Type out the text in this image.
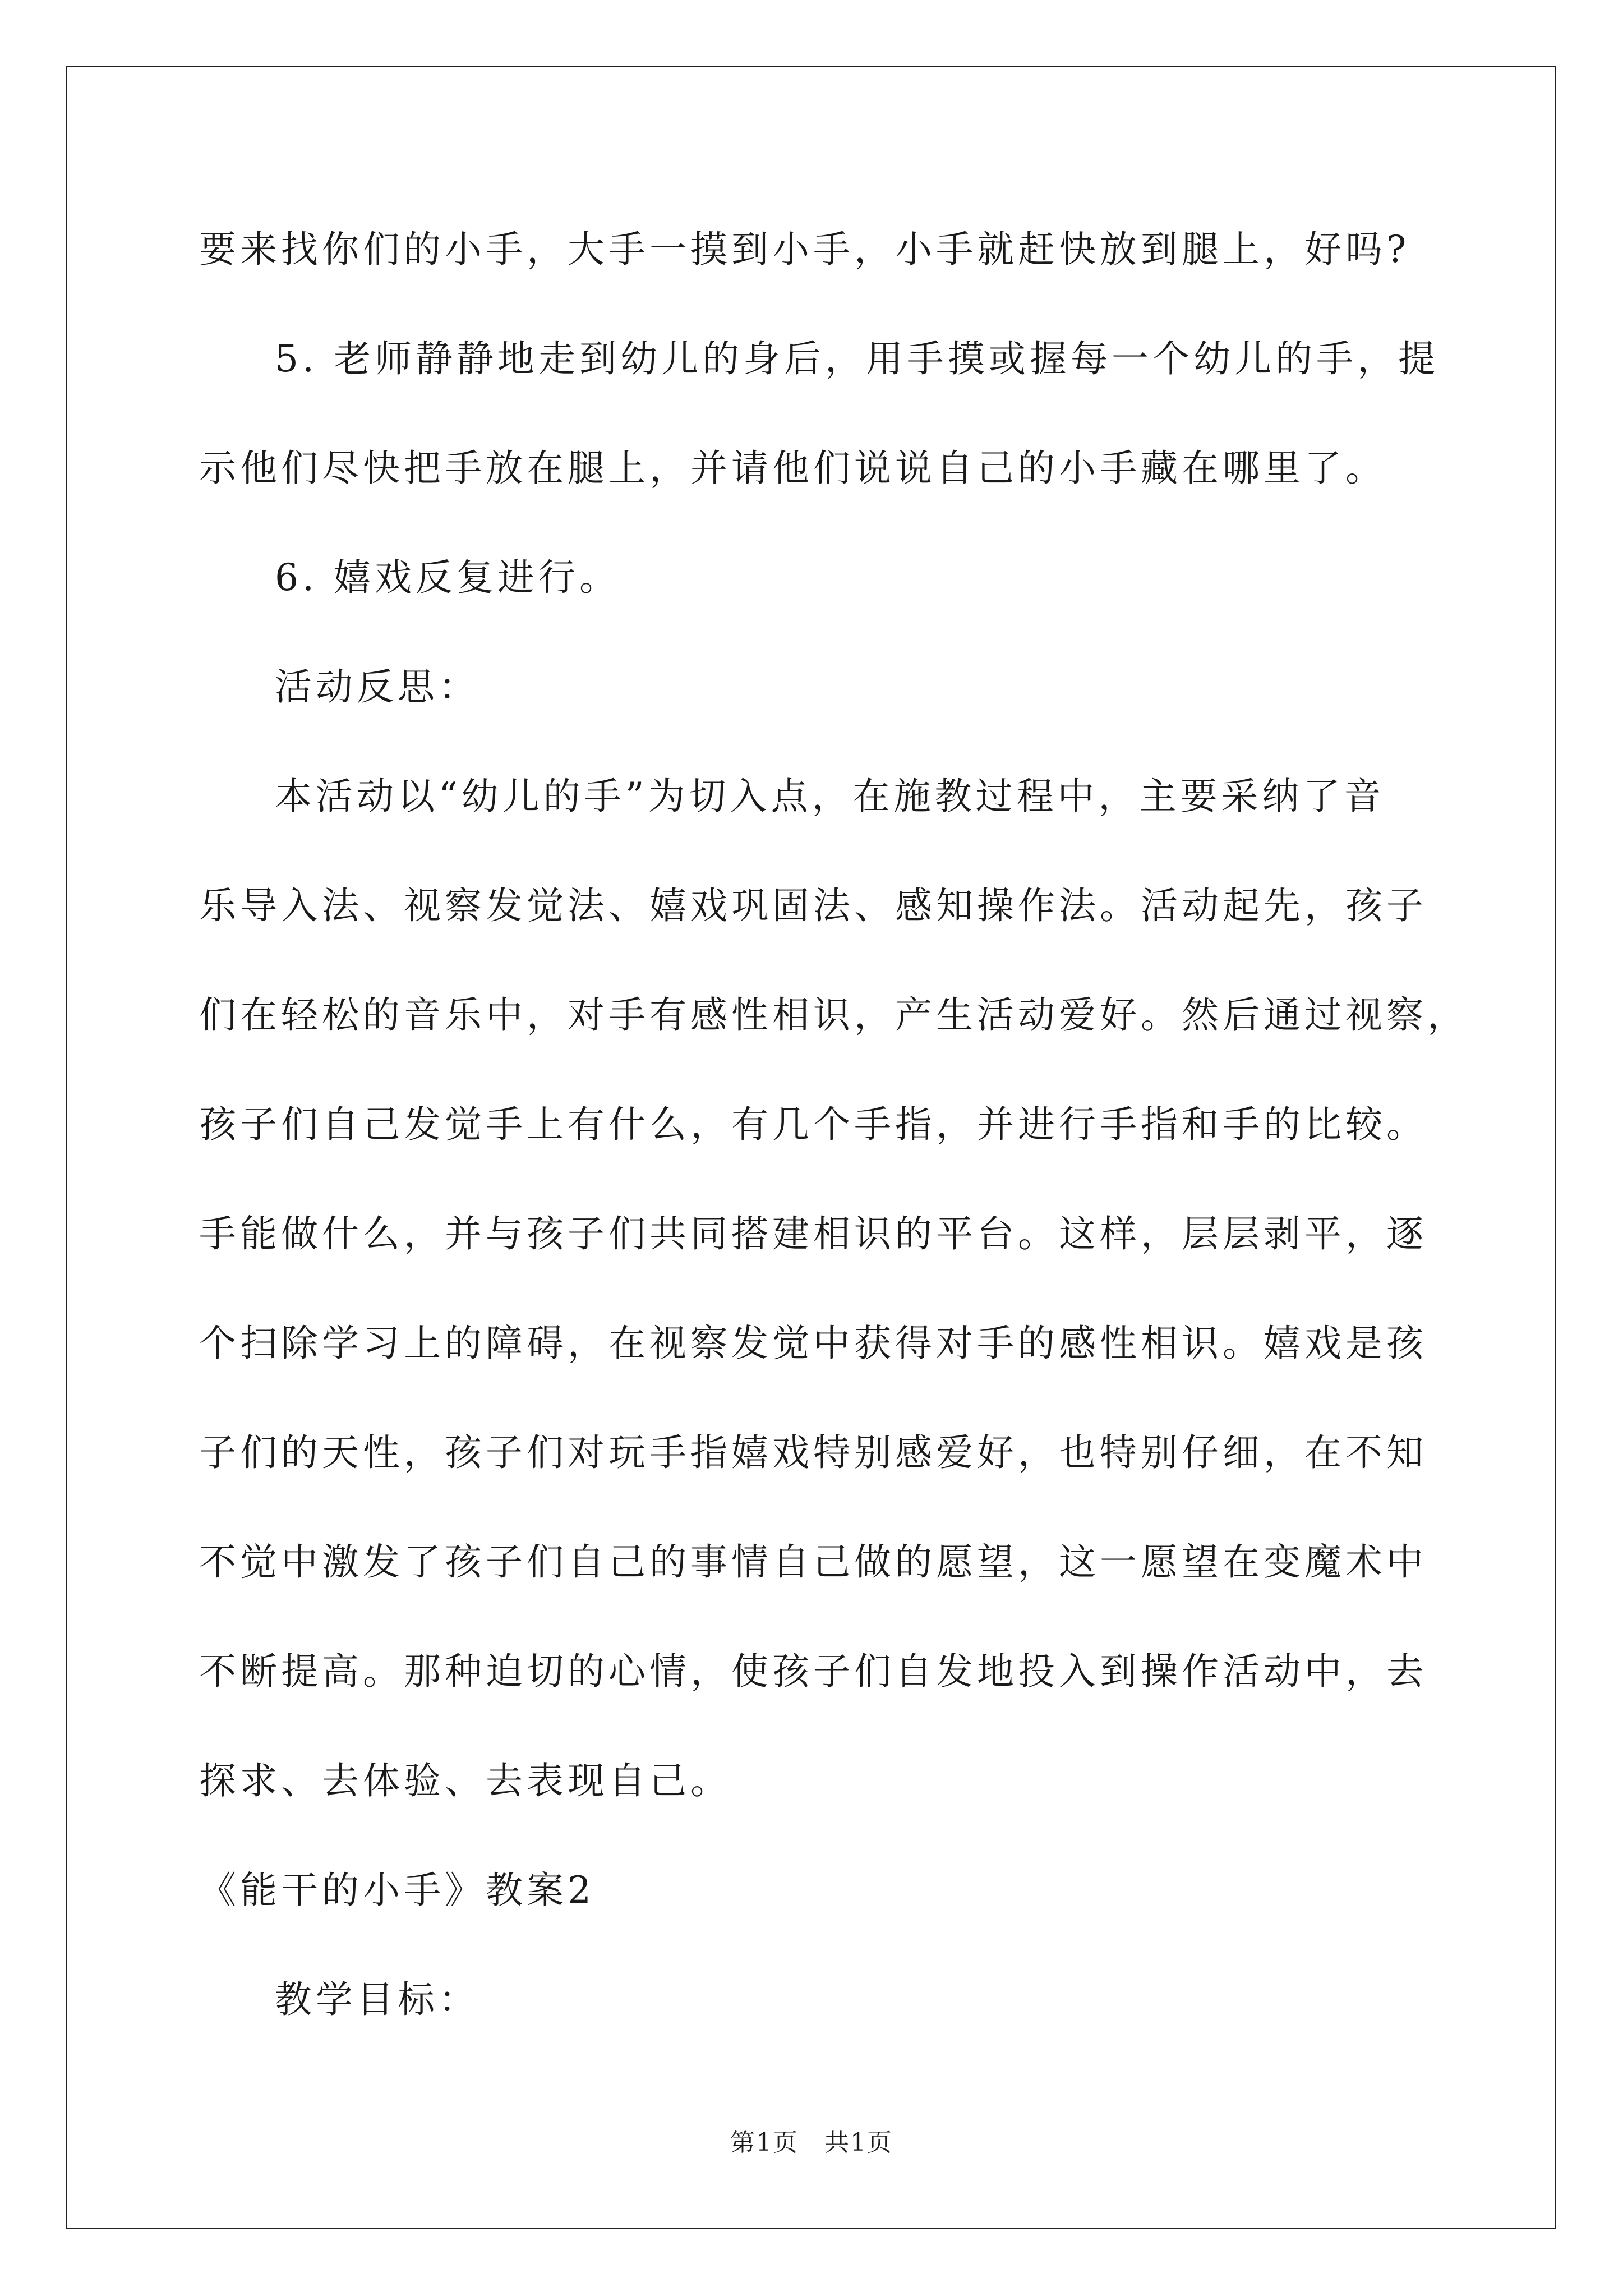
要来找你们的小手，大手一摸到小手，小手就赶快放到腿上，好吗?
5. 老师静静地走到幼儿的身后，用手摸或握每一个幼儿的手，提
示他们尽快把手放在腿上，并请他们说说自己的小手藏在哪里了。
6. 嬉戏反复进行。
活动反思：
本活动以“幼儿的手”为切入点，在施教过程中，主要采纳了音
乐导入法、视察发觉法、嬉戏巩固法、感知操作法。活动起先，孩子
们在轻松的音乐中，对手有感性相识，产生活动爱好。然后通过视察，
孩子们自己发觉手上有什么，有几个手指，并进行手指和手的比较。
手能做什么，并与孩子们共同搭建相识的平台。这样，层层剥平，逐
个扫除学习上的障碍，在视察发觉中获得对手的感性相识。嬉戏是孩
子们的天性，孩子们对玩手指嬉戏特别感爱好，也特别仔细，在不知
不觉中激发了孩子们自己的事情自己做的愿望，这一愿望在变魔术中
不断提高。那种迫切的心情，使孩子们自发地投入到操作活动中，去
探求、去体验、去表现自己。
《能干的小手》教案2
教学目标：
第1页　共1页
